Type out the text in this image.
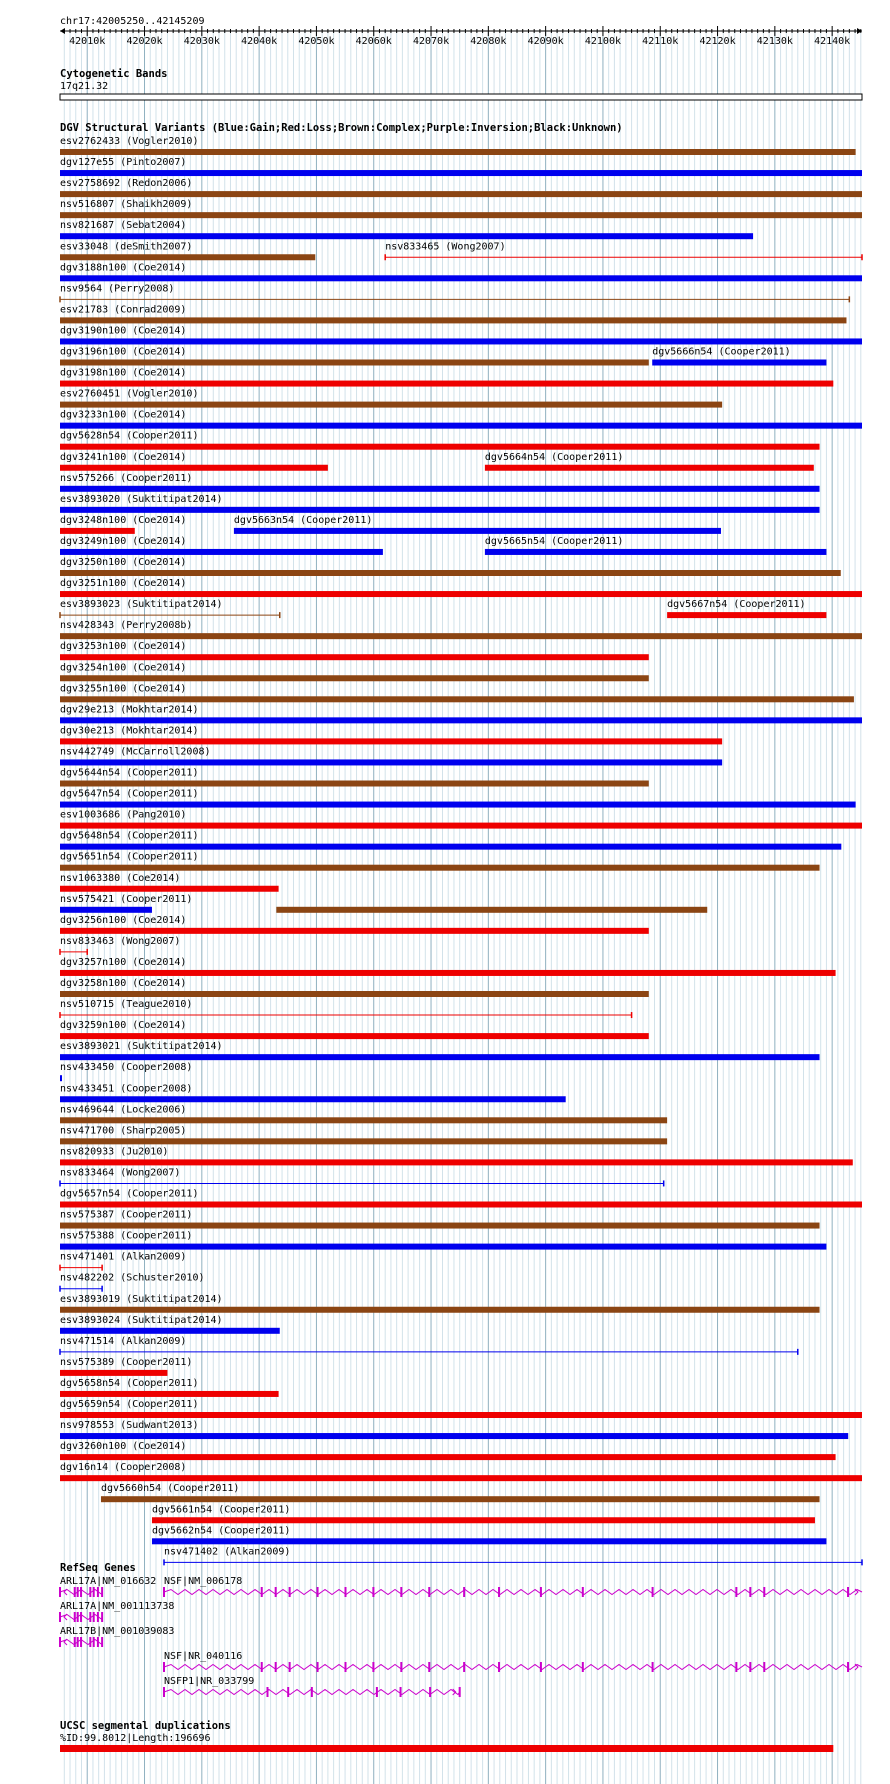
chr17:42005250..42145209
42010k 42020k 42030k 42040k 42050k 42060k 42070k 42080k 42090k 42100k 42110k 42120k 42130k 42140k
Cytogenetic Bands
17q21.32
DGV Structural Variants (Blue:Gain;Red:Loss;Brown:Complex;Purple:Inversion;Black:Unknown)
esv2762433 (Vogler2010)
dgv127e55 (Pinto2007)
esv2758692 (Redon2006)
nsv516807 (Shaikh2009)
nsv821687 (Sebat2004)
esv33048 (deSmith2007)	nsv833465 (Wong2007)
dgv3188n100 (Coe2014)
nsv9564 (Perry2008)
esv21783 (Conrad2009)
dgv3190n100 (Coe2014)
dgv3196n100 (Coe2014)	dgv5666n54 (Cooper2011)
dgv3198n100 (Coe2014)
esv2760451 (Vogler2010)
dgv3233n100 (Coe2014)
dgv5628n54 (Cooper2011)
dgv3241n100 (Coe2014)	dgv5664n54 (Cooper2011)
nsv575266 (Cooper2011)
esv3893020 (Suktitipat2014)
dgv3248n100 (Coe2014)	dgv5663n54 (Cooper2011)
dgv3249n100 (Coe2014)	dgv5665n54 (Cooper2011)
dgv3250n100 (Coe2014)
dgv3251n100 (Coe2014)
esv3893023 (Suktitipat2014)	dgv5667n54 (Cooper2011)
nsv428343 (Perry2008b)
dgv3253n100 (Coe2014)
dgv3254n100 (Coe2014)
dgv3255n100 (Coe2014)
dgv29e213 (Mokhtar2014)
dgv30e213 (Mokhtar2014)
nsv442749 (McCarroll2008)
dgv5644n54 (Cooper2011)
dgv5647n54 (Cooper2011)
esv1003686 (Pang2010)
dgv5648n54 (Cooper2011)
dgv5651n54 (Cooper2011)
nsv1063380 (Coe2014)
nsv575421 (Cooper2011)
dgv3256n100 (Coe2014)
nsv833463 (Wong2007)
dgv3257n100 (Coe2014)
dgv3258n100 (Coe2014)
nsv510715 (Teague2010)
dgv3259n100 (Coe2014)
esv3893021 (Suktitipat2014)
nsv433450 (Cooper2008)
nsv433451 (Cooper2008)
nsv469644 (Locke2006)
nsv471700 (Sharp2005)
nsv820933 (Ju2010)
nsv833464 (Wong2007)
dgv5657n54 (Cooper2011)
nsv575387 (Cooper2011)
nsv575388 (Cooper2011)
nsv471401 (Alkan2009)
nsv482202 (Schuster2010)
esv3893019 (Suktitipat2014)
esv3893024 (Suktitipat2014)
nsv471514 (Alkan2009)
nsv575389 (Cooper2011)
dgv5658n54 (Cooper2011)
dgv5659n54 (Cooper2011)
nsv978553 (Sudwant2013)
dgv3260n100 (Coe2014)
dgv16n14 (Cooper2008)
dgv5660n54 (Cooper2011)
dgv5661n54 (Cooper2011)
dgv5662n54 (Cooper2011)
nsv471402 (Alkan2009)
RefSeq Genes
ARL17A|NM_016632 NSF|NM_006178
ARL17A|NM_001113738
ARL17B|NM_001039083
NSF|NR_040116
NSFP1|NR_033799
UCSC segmental duplications
%ID:99.8012|Length:196696
